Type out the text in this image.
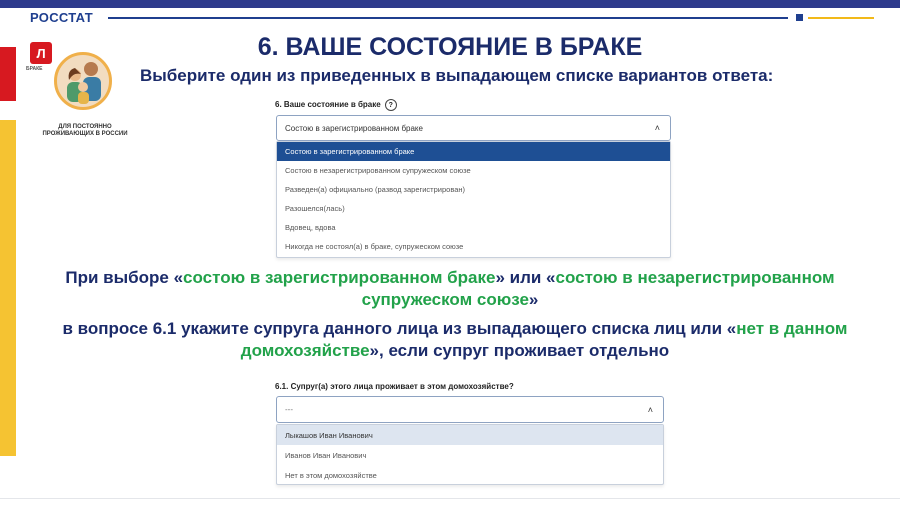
РОССТАТ
Л
БРАКЕ
ДЛЯ ПОСТОЯННО ПРОЖИВАЮЩИХ В РОССИИ
6. ВАШЕ СОСТОЯНИЕ В БРАКЕ
Выберите один из приведенных в выпадающем списке вариантов ответа:
6. Ваше состояние в браке ?
Состою в зарегистрированном браке	˄
Состою в зарегистрированном браке
Состою в незарегистрированном супружеском союзе
Разведен(а) официально (развод зарегистрирован)
Разошелся(лась)
Вдовец, вдова
Никогда не состоял(а) в браке, супружеском союзе
При выборе «состою в зарегистрированном браке» или «состою в незарегистрированном супружеском союзе»
в вопросе 6.1 укажите супруга данного лица из выпадающего списка лиц или «нет в данном домохозяйстве», если супруг проживает отдельно
6.1. Супруг(а) этого лица проживает в этом домохозяйстве?
---	˄
Лыкашов Иван Иванович
Иванов Иван Иванович
Нет в этом домохозяйстве
